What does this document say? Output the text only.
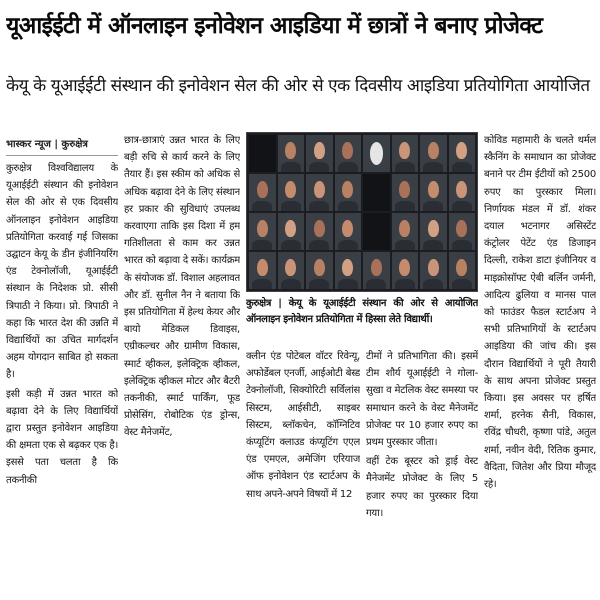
यूआईईटी में ऑनलाइन इनोवेशन आइडिया में छात्रों ने बनाए प्रोजेक्ट
केयू के यूआईईटी संस्थान की इनोवेशन सेल की ओर से एक दिवसीय आइडिया प्रतियोगिता आयोजित
भास्कर न्यूज | कुरुक्षेत्र

कुरुक्षेत्र विश्वविद्यालय के यूआईईटी संस्थान की इनोवेशन सेल की ओर से एक दिवसीय ऑनलाइन इनोवेशन आइडिया प्रतियोगिता करवाई गई जिसका उद्घाटन केयू के डीन इंजीनियरिंग एंड टेक्नोलॉजी, यूआईईटी संस्थान के निदेशक प्रो. सीसी त्रिपाठी ने किया। प्रो. त्रिपाठी ने कहा कि भारत देश की उन्नति में विद्यार्थियों का उचित मार्गदर्शन अहम योगदान साबित हो सकता है।

इसी कड़ी में उन्नत भारत को बढ़ावा देने के लिए विद्यार्थियों द्वारा प्रस्तुत इनोवेशन आइडिया की क्षमता एक से बढ़कर एक है। इससे पता चलता है कि तकनीकी

छात्र-छात्राएं उन्नत भारत के लिए बड़ी रुचि से कार्य करने के लिए तैयार हैं। इस स्कीम को अधिक से अधिक बढ़ावा देने के लिए संस्थान हर प्रकार की सुविधाएं उपलब्ध करवाएगा ताकि इस दिशा में हम गतिशीलता से काम कर उन्नत भारत को बढ़ावा दे सकें। कार्यक्रम के संयोजक डॉ. विशाल अहलावत और डॉ. सुनील नैन ने बताया कि इस प्रतियोगिता में हेल्थ केयर और बायो मेडिकल डिवाइस, एग्रीकल्चर और ग्रामीण विकास, स्मार्ट व्हीकल, इलेक्ट्रिक व्हीकल, इलेक्ट्रिक व्हीकल मोटर और बैटरी तकनीकी, स्मार्ट पार्किंग, फूड प्रोसेसिंग, रोबोटिक एंड ड्रोन्स, वेस्ट मैनेजमेंट,

कुरुक्षेत्र | केयू के यूआईईटी संस्थान की ओर से आयोजित ऑनलाइन इनोवेशन प्रतियोगिता में हिस्सा लेते विद्यार्थी।

क्लीन एंड पोटेबल वॉटर रिवेन्यू, अफोर्डेबल एनर्जी, आईओटी बेस्ड टेक्नोलॉजी, सिक्योरिटी सर्विलांस सिस्टम, आईसीटी, साइबर सिस्टम, ब्लॉकचेन, कॉग्निटिव कंप्यूटिंग क्लाउड कंप्यूटिंग एएल एंड एमएल, अमेजिंग एरियाज ऑफ इनोवेशन एंड स्टार्टअप के साथ अपने-अपने विषयों में 12

टीमों ने प्रतिभागिता की। इसमें टीम शौर्य यूआईईटी ने गोला-सुखा व मेटलिक वेस्ट समस्या पर समाधान करने के वेस्ट मैनेजमेंट प्रोजेक्ट पर 10 हजार रुपए का प्रथम पुरस्कार जीता।

वहीं टेक बूस्टर को ड्राई वेस्ट मैनेजमेंट प्रोजेक्ट के लिए 5 हजार रुपए का पुरस्कार दिया गया।

कोविड महामारी के चलते थर्मल स्कैनिंग के समाधान का प्रोजेक्ट बनाने पर टीम ईटीयों को 2500 रुपए का पुरस्कार मिला। निर्णायक मंडल में डॉ. शंकर दयाल भटनागर असिस्टेंट कंट्रोलर पेटेंट एंड डिजाइन दिल्ली, राकेश डाटा इंजीनियर व माइक्रोसॉफ्ट ऐबी बर्लिन जर्मनी, आदित्य ढुलिया व मानस पाल को फाउंडर फैडल स्टार्टअप ने सभी प्रतिभागियों के स्टार्टअप आइडिया की जांच की। इस दौरान विद्यार्थियों ने पूरी तैयारी के साथ अपना प्रोजेक्ट प्रस्तुत किया। इस अवसर पर हर्षित शर्मा, हरनेक सैनी, विकास, रविंद्र चौधरी, कृष्णा पांडे, अतुल शर्मा, नवीन वेदी, रितिक कुमार, वैदिता, जितेश और प्रिया मौजूद रहे।
